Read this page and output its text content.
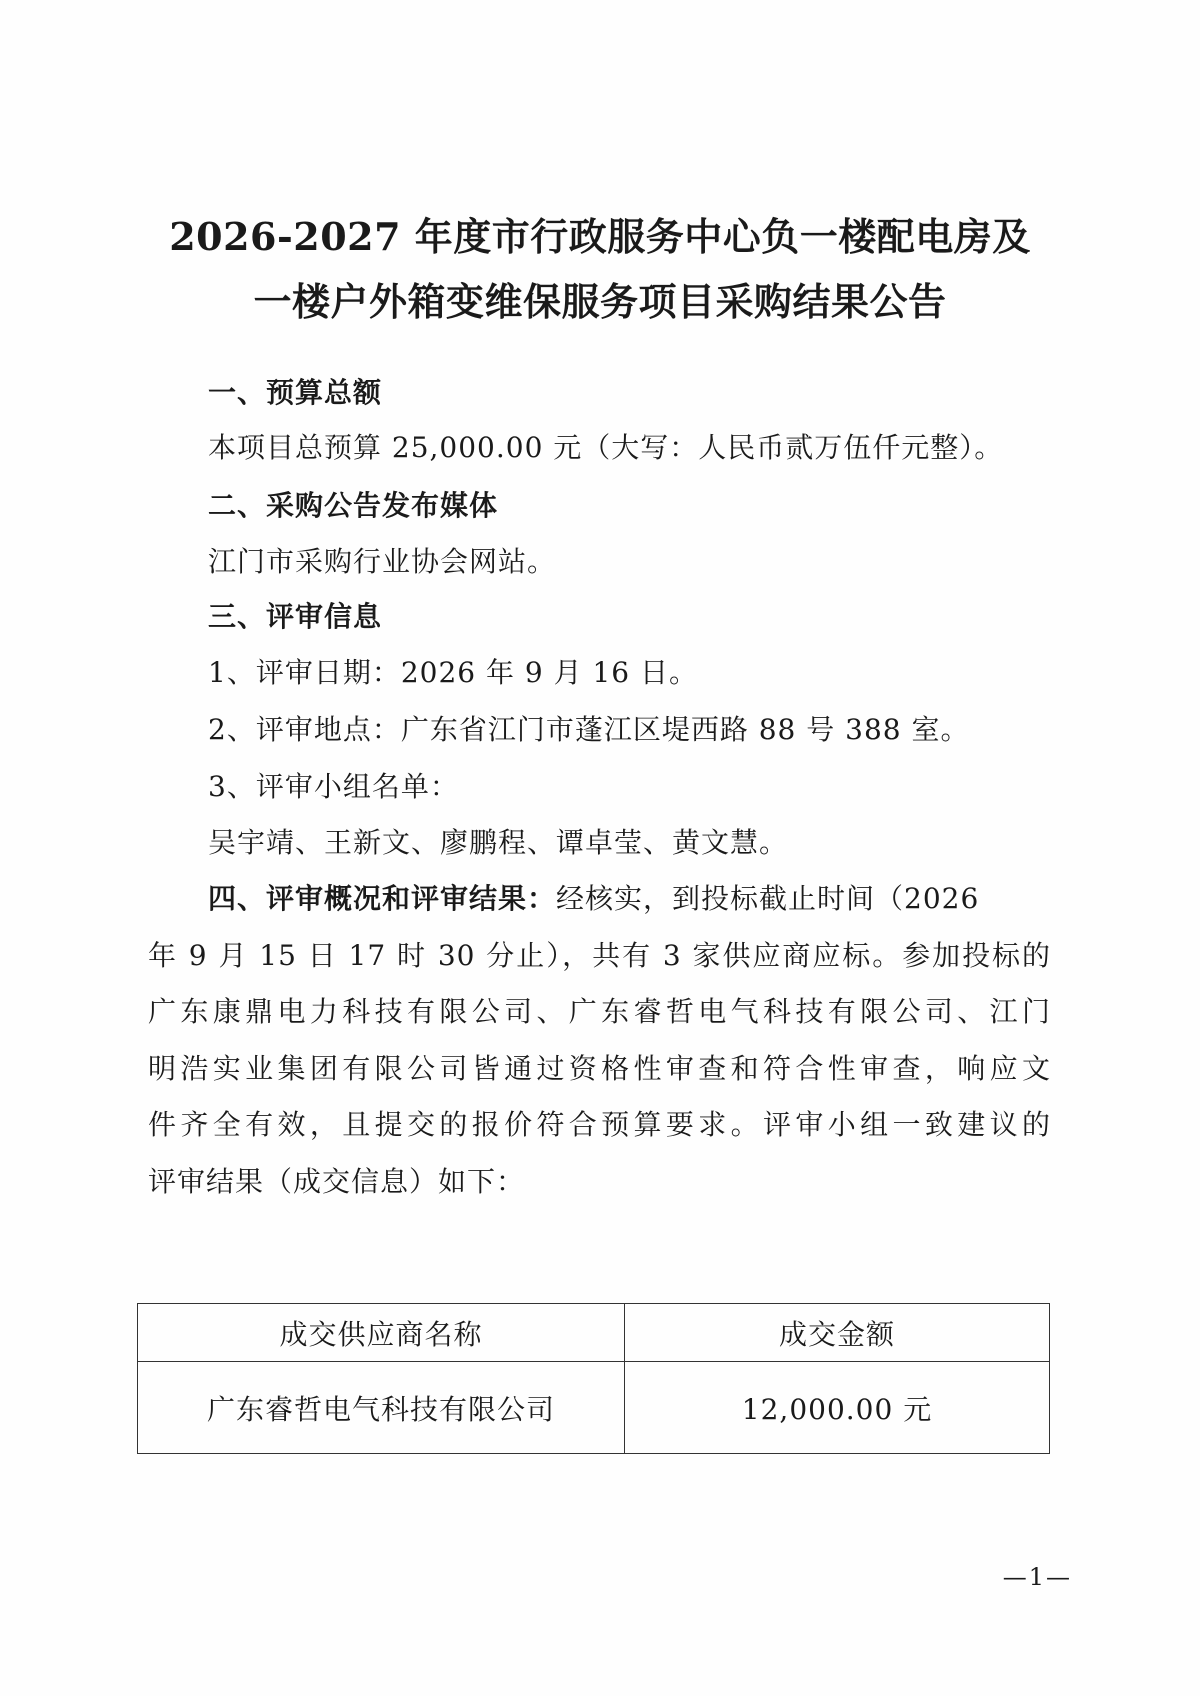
2026-2027 年度市行政服务中心负一楼配电房及
一楼户外箱变维保服务项目采购结果公告
一、预算总额
本项目总预算 25,000.00 元（大写：人民币贰万伍仟元整）。
二、采购公告发布媒体
江门市采购行业协会网站。
三、评审信息
1、评审日期：2026 年 9 月 16 日。
2、评审地点：广东省江门市蓬江区堤西路 88 号 388 室。
3、评审小组名单：
吴宇靖、王新文、廖鹏程、谭卓莹、黄文慧。
四、评审概况和评审结果：经核实，到投标截止时间（2026
年 9 月 15 日 17 时 30 分止），共有 3 家供应商应标。参加投标的
广东康鼎电力科技有限公司、广东睿哲电气科技有限公司、江门
明浩实业集团有限公司皆通过资格性审查和符合性审查，响应文
件齐全有效，且提交的报价符合预算要求。评审小组一致建议的
评审结果（成交信息）如下：
成交供应商名称	成交金额
广东睿哲电气科技有限公司	12,000.00 元
—1—
